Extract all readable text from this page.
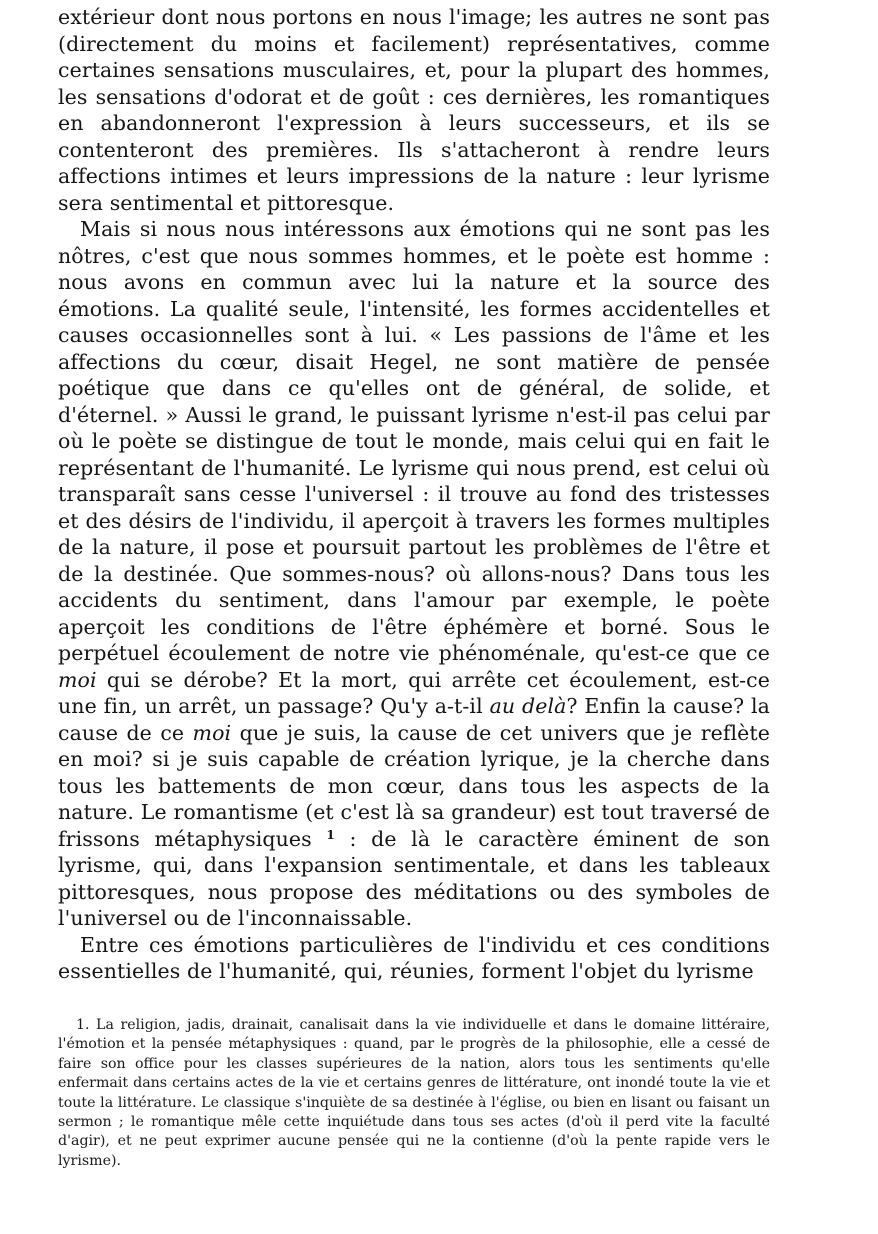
extérieur dont nous portons en nous l'image; les autres ne sont pas (directement du moins et facilement) représentatives, comme certaines sensations musculaires, et, pour la plupart des hommes, les sensations d'odorat et de goût : ces dernières, les romantiques en abandonneront l'expression à leurs successeurs, et ils se contenteront des premières. Ils s'attacheront à rendre leurs affections intimes et leurs impressions de la nature : leur lyrisme sera sentimental et pittoresque.

Mais si nous nous intéressons aux émotions qui ne sont pas les nôtres, c'est que nous sommes hommes, et le poète est homme : nous avons en commun avec lui la nature et la source des émotions. La qualité seule, l'intensité, les formes accidentelles et causes occasionnelles sont à lui. « Les passions de l'âme et les affections du cœur, disait Hegel, ne sont matière de pensée poétique que dans ce qu'elles ont de général, de solide, et d'éternel. » Aussi le grand, le puissant lyrisme n'est-il pas celui par où le poète se distingue de tout le monde, mais celui qui en fait le représentant de l'humanité. Le lyrisme qui nous prend, est celui où transparaît sans cesse l'universel : il trouve au fond des tristesses et des désirs de l'individu, il aperçoit à travers les formes multiples de la nature, il pose et poursuit partout les problèmes de l'être et de la destinée. Que sommes-nous? où allons-nous? Dans tous les accidents du sentiment, dans l'amour par exemple, le poète aperçoit les conditions de l'être éphémère et borné. Sous le perpétuel écoulement de notre vie phénoménale, qu'est-ce que ce moi qui se dérobe? Et la mort, qui arrête cet écoulement, est-ce une fin, un arrêt, un passage? Qu'y a-t-il au delà? Enfin la cause? la cause de ce moi que je suis, la cause de cet univers que je reflète en moi? si je suis capable de création lyrique, je la cherche dans tous les battements de mon cœur, dans tous les aspects de la nature. Le romantisme (et c'est là sa grandeur) est tout traversé de frissons métaphysiques $^1$ : de là le caractère éminent de son lyrisme, qui, dans l'expansion sentimentale, et dans les tableaux pittoresques, nous propose des méditations ou des symboles de l'universel ou de l'inconnaissable.

Entre ces émotions particulières de l'individu et ces conditions essentielles de l'humanité, qui, réunies, forment l'objet du lyrisme

1. La religion, jadis, drainait, canalisait dans la vie individuelle et dans le domaine littéraire, l'émotion et la pensée métaphysiques : quand, par le progrès de la philosophie, elle a cessé de faire son office pour les classes supérieures de la nation, alors tous les sentiments qu'elle enfermait dans certains actes de la vie et certains genres de littérature, ont inondé toute la vie et toute la littérature. Le classique s'inquiète de sa destinée à l'église, ou bien en lisant ou faisant un sermon ; le romantique mêle cette inquiétude dans tous ses actes (d'où il perd vite la faculté d'agir), et ne peut exprimer aucune pensée qui ne la contienne (d'où la pente rapide vers le lyrisme).
